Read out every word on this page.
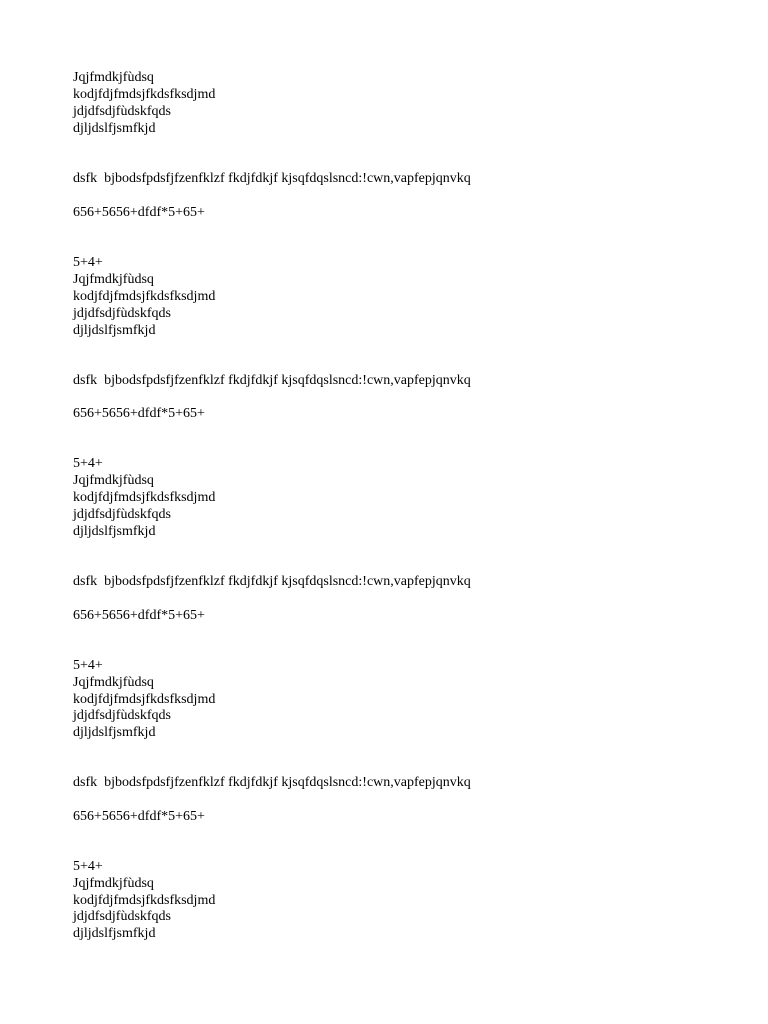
Jqjfmdkjfùdsq
kodjfdjfmdsjfkdsfksdjmd
jdjdfsdjfùdskfqds
djljdslfjsmfkjd
dsfk  bjbodsfpdsfjfzenfklzf fkdjfdkjf kjsqfdqslsncd:!cwn,vapfepjqnvkq
656+5656+dfdf*5+65+
5+4+
Jqjfmdkjfùdsq
kodjfdjfmdsjfkdsfksdjmd
jdjdfsdjfùdskfqds
djljdslfjsmfkjd
dsfk  bjbodsfpdsfjfzenfklzf fkdjfdkjf kjsqfdqslsncd:!cwn,vapfepjqnvkq
656+5656+dfdf*5+65+
5+4+
Jqjfmdkjfùdsq
kodjfdjfmdsjfkdsfksdjmd
jdjdfsdjfùdskfqds
djljdslfjsmfkjd
dsfk  bjbodsfpdsfjfzenfklzf fkdjfdkjf kjsqfdqslsncd:!cwn,vapfepjqnvkq
656+5656+dfdf*5+65+
5+4+
Jqjfmdkjfùdsq
kodjfdjfmdsjfkdsfksdjmd
jdjdfsdjfùdskfqds
djljdslfjsmfkjd
dsfk  bjbodsfpdsfjfzenfklzf fkdjfdkjf kjsqfdqslsncd:!cwn,vapfepjqnvkq
656+5656+dfdf*5+65+
5+4+
Jqjfmdkjfùdsq
kodjfdjfmdsjfkdsfksdjmd
jdjdfsdjfùdskfqds
djljdslfjsmfkjd
